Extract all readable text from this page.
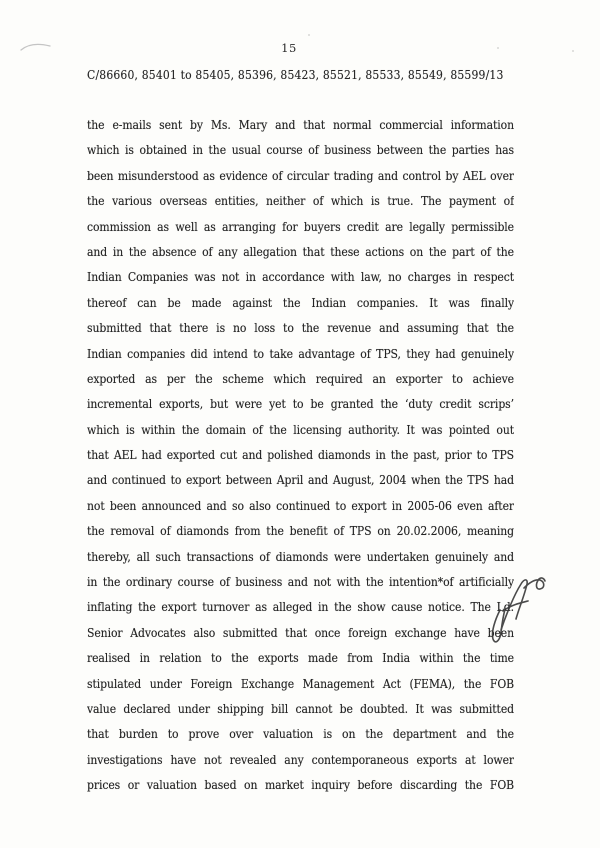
15
C/86660, 85401 to 85405, 85396, 85423, 85521, 85533, 85549, 85599/13
the e-mails sent by Ms. Mary and that normal commercial information
which is obtained in the usual course of business between the parties has
been misunderstood as evidence of circular trading and control by AEL over
the various overseas entities, neither of which is true. The payment of
commission as well as arranging for buyers credit are legally permissible
and in the absence of any allegation that these actions on the part of the
Indian Companies was not in accordance with law, no charges in respect
thereof can be made against the Indian companies. It was finally
submitted that there is no loss to the revenue and assuming that the
Indian companies did intend to take advantage of TPS, they had genuinely
exported as per the scheme which required an exporter to achieve
incremental exports, but were yet to be granted the ‘duty credit scrips’
which is within the domain of the licensing authority. It was pointed out
that AEL had exported cut and polished diamonds in the past, prior to TPS
and continued to export between April and August, 2004 when the TPS had
not been announced and so also continued to export in 2005-06 even after
the removal of diamonds from the benefit of TPS on 20.02.2006, meaning
thereby, all such transactions of diamonds were undertaken genuinely and
in the ordinary course of business and not with the intention*of artificially
inflating the export turnover as alleged in the show cause notice. The Ld.
Senior Advocates also submitted that once foreign exchange have been
realised in relation to the exports made from India within the time
stipulated under Foreign Exchange Management Act (FEMA), the FOB
value declared under shipping bill cannot be doubted. It was submitted
that burden to prove over valuation is on the department and the
investigations have not revealed any contemporaneous exports at lower
prices or valuation based on market inquiry before discarding the FOB
